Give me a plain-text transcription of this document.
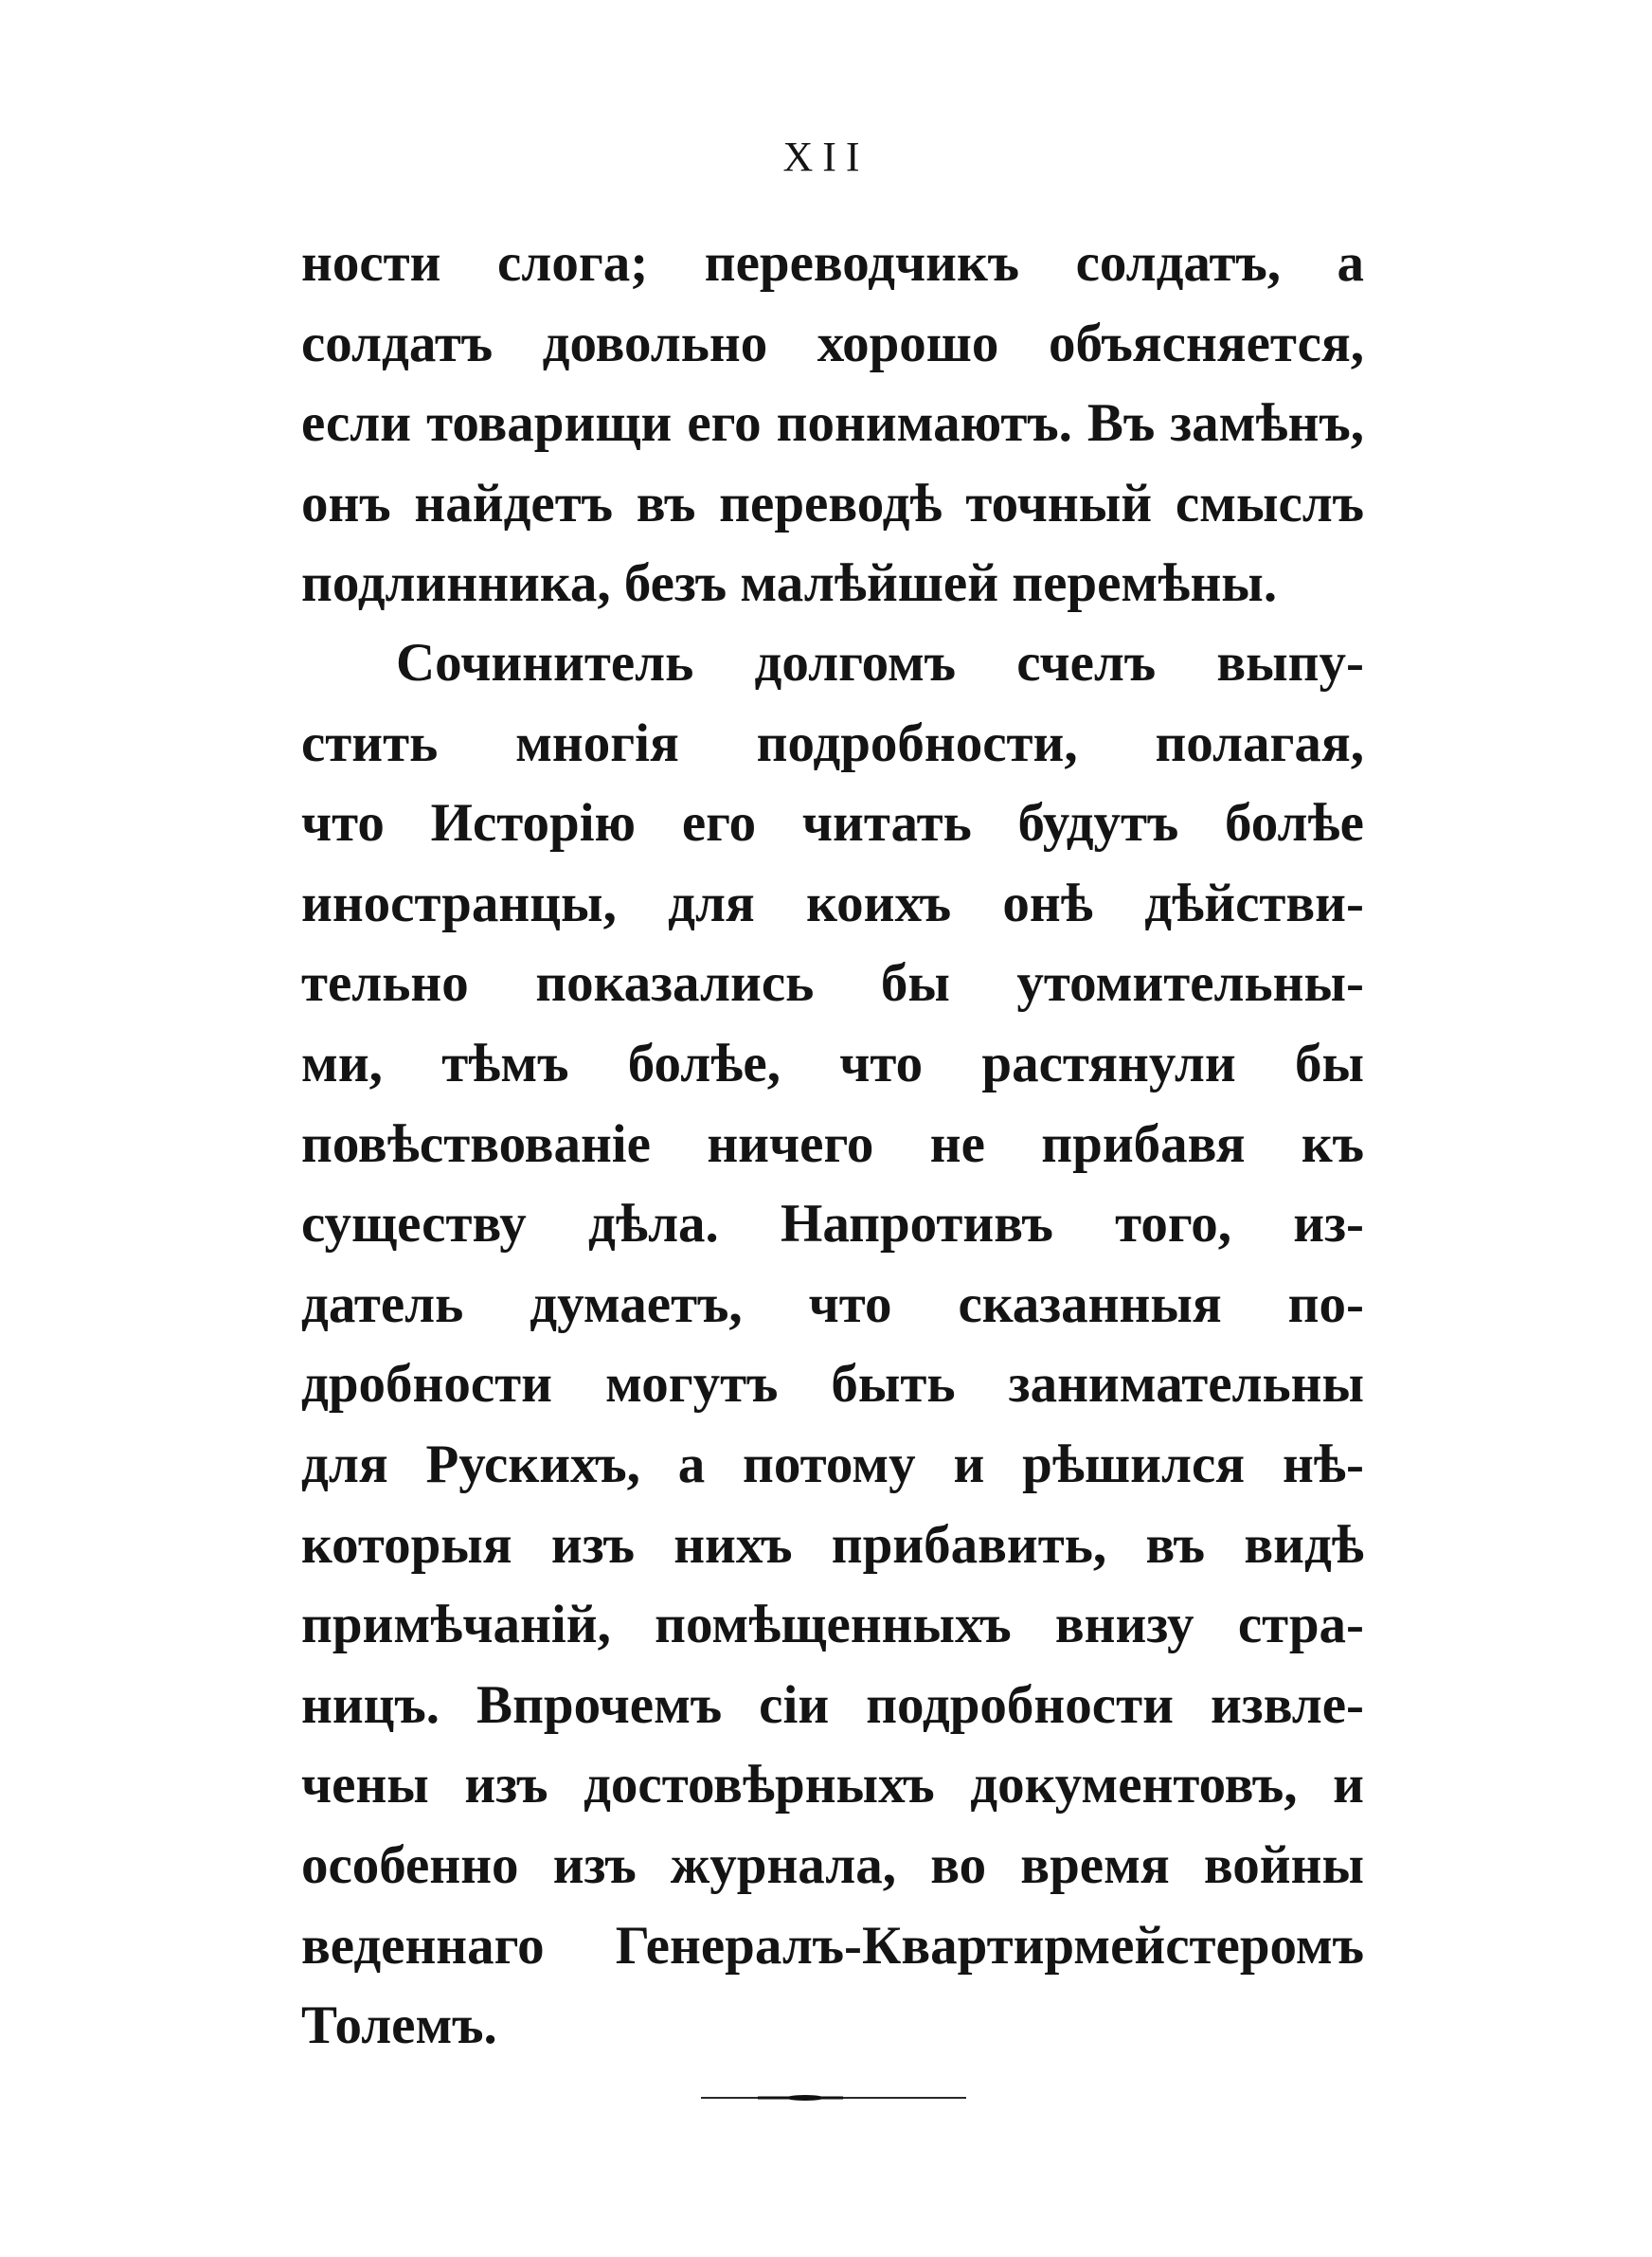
XII
ности слога; переводчикъ солдатъ, а
солдатъ довольно хорошо объясняется,
если товарищи его понимаютъ. Въ замѣнъ,
онъ найдетъ въ переводѣ точный смыслъ
подлинника, безъ малѣйшей перемѣны.
Сочинитель долгомъ счелъ выпу-
стить многія подробности, полагая,
что Исторію его читать будутъ болѣе
иностранцы, для коихъ онѣ дѣйстви-
тельно показались бы утомительны-
ми, тѣмъ болѣе, что растянули бы
повѣствованіе ничего не прибавя къ
существу дѣла. Напротивъ того, из-
датель думаетъ, что сказанныя по-
дробности могутъ быть занимательны
для Рускихъ, а потому и рѣшился нѣ-
которыя изъ нихъ прибавить, въ видѣ
примѣчаній, помѣщенныхъ внизу стра-
ницъ. Впрочемъ сіи подробности извле-
чены изъ достовѣрныхъ документовъ, и
особенно изъ журнала, во время войны
веденнаго Генералъ-Квартирмейстеромъ
Толемъ.
